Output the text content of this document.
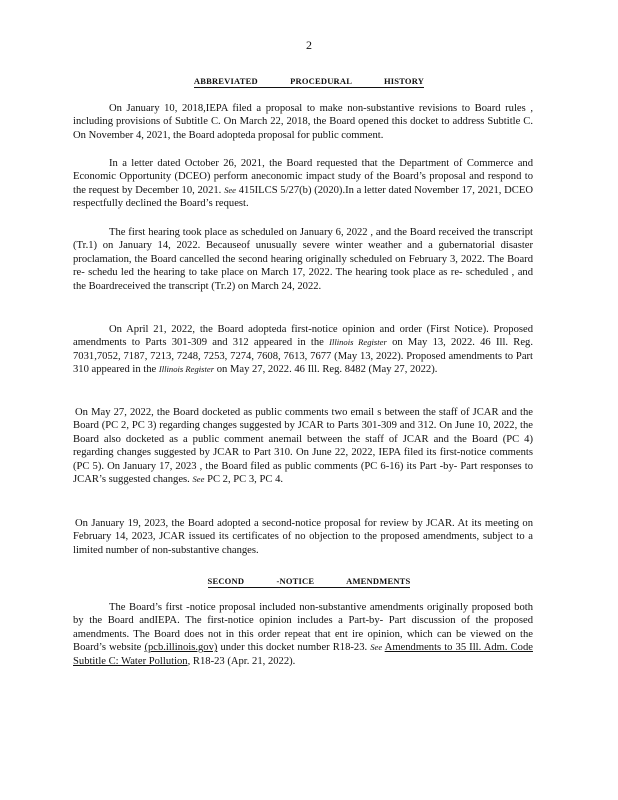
2
ABBREVIATED PROCEDURAL HISTORY

On January 10, 2018,IEPA filed a proposal to make non-substantive revisions to Board rules , including provisions of Subtitle C. On March 22, 2018, the Board opened this docket to address Subtitle C. On November 4, 2021, the Board adopteda proposal for public comment.

In a letter dated October 26, 2021, the Board requested that the Department of Commerce and Economic Opportunity (DCEO) perform aneconomic impact study of the Board’s proposal and respond to the request by December 10, 2021. See 415ILCS 5/27(b) (2020).In a letter dated November 17, 2021, DCEO respectfully declined the Board’s request.

The first hearing took place as scheduled on January 6, 2022 , and the Board received the transcript (Tr.1) on January 14, 2022. Becauseof unusually severe winter weather and a gubernatorial disaster proclamation, the Board cancelled the second hearing originally scheduled on February 3, 2022. The Board re- schedu led the hearing to take place on March 17, 2022. The hearing took place as re- scheduled , and the Boardreceived the transcript (Tr.2) on March 24, 2022.

On April 21, 2022, the Board adopteda first-notice opinion and order (First Notice). Proposed amendments to Parts 301-309 and 312 appeared in the Illinois Register on May 13, 2022. 46 Ill. Reg. 7031,7052, 7187, 7213, 7248, 7253, 7274, 7608, 7613, 7677 (May 13, 2022). Proposed amendments to Part 310 appeared in the Illinois Register on May 27, 2022. 46 Ill. Reg. 8482 (May 27, 2022).

On May 27, 2022, the Board docketed as public comments two email s between the staff of JCAR and the Board (PC 2, PC 3) regarding changes suggested by JCAR to Parts 301-309 and 312. On June 10, 2022, the Board also docketed as a public comment anemail between the staff of JCAR and the Board (PC 4) regarding changes suggested by JCAR to Part 310. On June 22, 2022, IEPA filed its first-notice comments (PC 5). On January 17, 2023 , the Board filed as public comments (PC 6-16) its Part -by- Part responses to JCAR’s suggested changes. See PC 2, PC 3, PC 4.

On January 19, 2023, the Board adopted a second-notice proposal for review by JCAR. At its meeting on February 14, 2023, JCAR issued its certificates of no objection to the proposed amendments, subject to a limited number of non-substantive changes.

SECOND -NOTICE AMENDMENTS

The Board’s first -notice proposal included non-substantive amendments originally proposed both by the Board andIEPA. The first-notice opinion includes a Part-by- Part discussion of the proposed amendments. The Board does not in this order repeat that ent ire opinion, which can be viewed on the Board’s website (pcb.illinois.gov) under this docket number R18-23. See Amendments to 35 Ill. Adm. Code Subtitle C: Water Pollution, R18-23 (Apr. 21, 2022).
